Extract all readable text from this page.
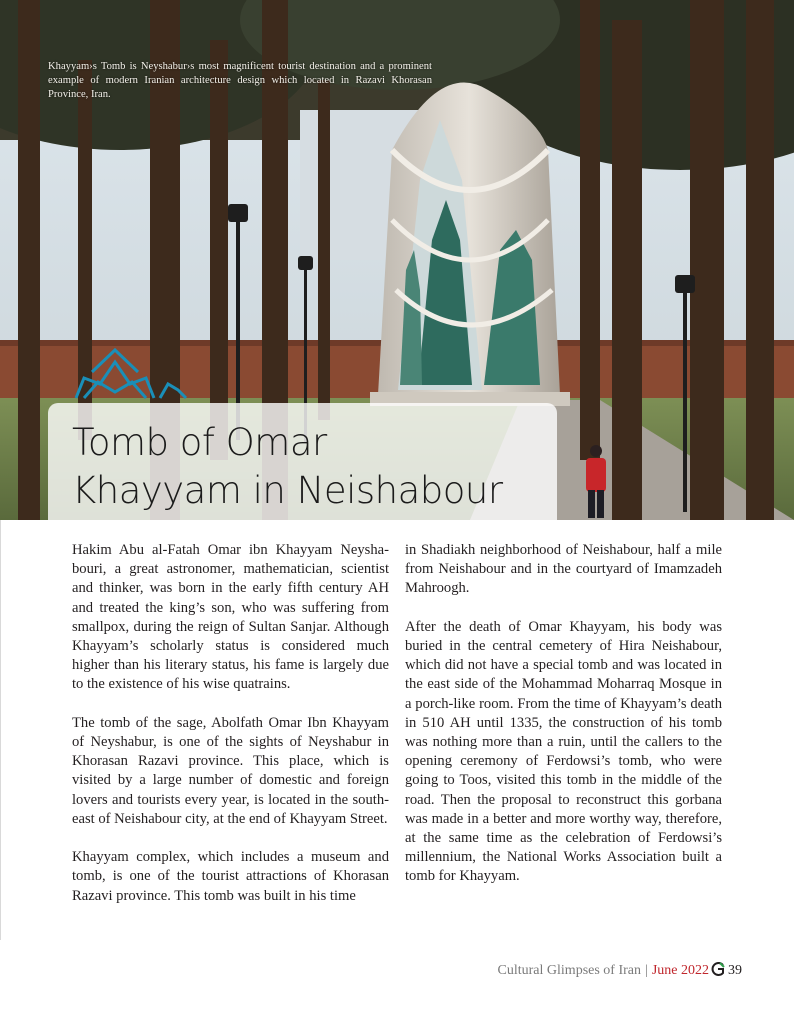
Khayyam›s Tomb is Neyshabur›s most magnificent tourist destination and a prominent example of modern Iranian architecture design which located in Razavi Khorasan Province, Iran.
Tomb of Omar
Khayyam in Neishabour

Hakim Abu al-Fatah Omar ibn Khayyam Neyshabouri, a great astronomer, mathematician, scientist and thinker, was born in the early fifth century AH and treated the king’s son, who was suffering from smallpox, during the reign of Sultan Sanjar. Although Khayyam’s scholarly status is considered much higher than his literary status, his fame is largely due to the existence of his wise quatrains.

The tomb of the sage, Abolfath Omar Ibn Khayyam of Neyshabur, is one of the sights of Neyshabur in Khorasan Razavi province. This place, which is visited by a large number of domestic and foreign lovers and tourists every year, is located in the southeast of Neishabour city, at the end of Khayyam Street.

Khayyam complex, which includes a museum and tomb, is one of the tourist attractions of Khorasan Razavi province. This tomb was built in his time

in Shadiakh neighborhood of Neishabour, half a mile from Neishabour and in the courtyard of Imamzadeh Mahroogh.

After the death of Omar Khayyam, his body was buried in the central cemetery of Hira Neishabour, which did not have a special tomb and was located in the east side of the Mohammad Moharraq Mosque in a porch-like room. From the time of Khayyam’s death in 510 AH until 1335, the construction of his tomb was nothing more than a ruin, until the callers to the opening ceremony of Ferdowsi’s tomb, who were going to Toos, visited this tomb in the middle of the road. Then the proposal to reconstruct this gorbana was made in a better and more worthy way, therefore, at the same time as the celebration of Ferdowsi’s millennium, the National Works Association built a tomb for Khayyam.

Cultural Glimpses of Iran | June 2022 39
